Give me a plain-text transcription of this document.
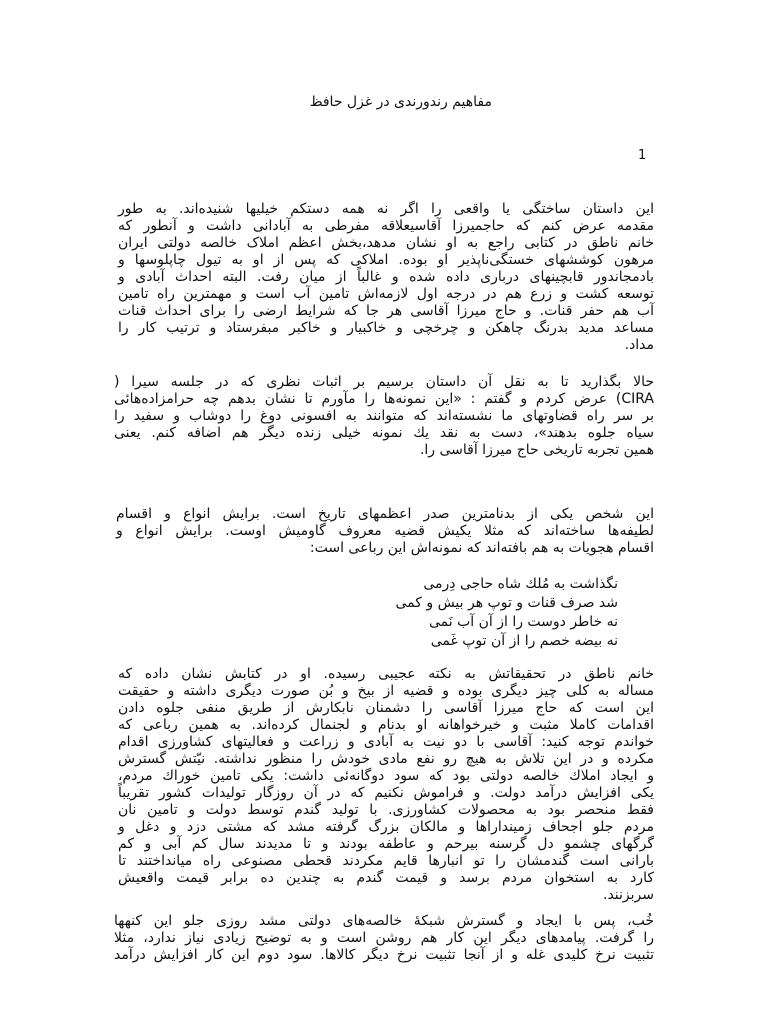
مفاهیم رندورندی در غزل حافظ
1
این داستان ساختگی یا واقعی را اگر نه همه دستکم خیلیها شنیده‌اند. به طور
مقدمه عرض کنم که حاجمیرزا آقاسیعلاقه مفرطی به آبادانی داشت و آنطور که
خانم ناطق در کتابی راجع به او نشان مدهد،بخش اعظم املاک خالصه دولتی ایران
مرهون کوششهای خستگی‌ناپذیر او بوده. املاکی که پس از او به تیول چاپلوسها و
بادمجاندور قابچینهای درباری داده شده و غالباً از میان رفت. البته احداث آبادی و
توسعه کشت و زرع هم در درجه اول لازمه‌اش تامین آب است و مهمترین راه تامین
آب هم حفر قنات. و حاج میرزا آقاسی هر جا که شرایط ارضی را برای احداث قنات
مساعد مدید بدرنگ چاهکن و چرخچی و خاکبیار و خاکبر مبفرستاد و ترتیب کار را
مداد.
حالا بگذارید تا به نقل آن داستان برسیم بر اثبات نظری که در جلسه سیرا (
CIRA) عرض کردم و گفتم : «این نمونه‌ها را مآورم تا نشان بدهم چه حرامزاده‌هائی
بر سر راه قضاوتهای ما نشسته‌اند که متوانند به افسونی دوغ را دوشاب و سفید را
سیاه جلوه بدهند»، دست به نقد یك نمونه خیلی زنده دیگر هم اضافه کنم. یعنی
همین تجربه تاریخی حاج میرزا آقاسی را.
این شخص یکی از بدنامترین صدر اعظمهای تاریخ است. برایش انواع و اقسام
لطیفه‌ها ساخته‌اند که مثلا یکیش قضیه معروف گاومیش اوست. برایش انواع و
اقسام هجویات به هم بافته‌اند که نمونه‌اش این رباعی است:
نگذاشت به مُلك شاه حاجی دِرمی
شد صرف قنات و توپ هر بیش و کمی
نه خاطر دوست را از آن آب نَمی
نه بیضه خصم را از آن توپ غَمی
خانم ناطق در تحقیقاتش به نکته عجیبی رسیده. او در کتابش نشان داده که
مساله به کلی چیز دیگری بوده و قضیه از بیخ و بُن صورت دیگری داشته و حقیقت
این است که حاج میرزا آقاسی را دشمنان نابکارش از طریق منفی جلوه دادن
اقدامات کاملا مثبت و خیرخواهانه او بدنام و لجنمال کرده‌اند. به همین رباعی که
خواندم توجه کنید: آقاسی با دو نیت به آبادی و زراعت و فعالیتهای کشاورزی اقدام
مکرده و در این تلاش به هیچ رو نفع مادی خودش را منظور نداشته. نیّتش گسترش
و ایجاد املاك خالصه دولتی بود که سود دوگانه‌ئی داشت: یکی تامین خوراك مردم،
یکی افزایش درآمد دولت. و فراموش نکنیم که در آن روزگار تولیدات کشور تقریباً
فقط منحصر بود به محصولات کشاورزی. با تولید گندم توسط دولت و تامین نان
مردم جلو اجحاف زمینداراها و مالکان بزرگ گرفته مشد که مشتی دزد و دغل و
گرگهای چشمو دل گرسنه بیرحم و عاطفه بودند و تا مدیدند سال کم آبی و کم
بارانی است گندمشان را تو انبارها قایم مکردند قحطی مصنوعی راه میانداختند تا
کارد به استخوان مردم برسد و قیمت گندم به چندین ده برابر قیمت واقعیش
سربزنند.
خُب، پس با ایجاد و گسترش شبکهٔ خالصه‌های دولتی مشد روزی جلو این کنهها
را گرفت. پیامدهای دیگر این کار هم روشن است و به توضیح زیادی نیاز ندارد، مثلا
تثبیت نرخ کلیدی غله و از آنجا تثبیت نرخ دیگر کالاها. سود دوم این کار افزایش درآمد
